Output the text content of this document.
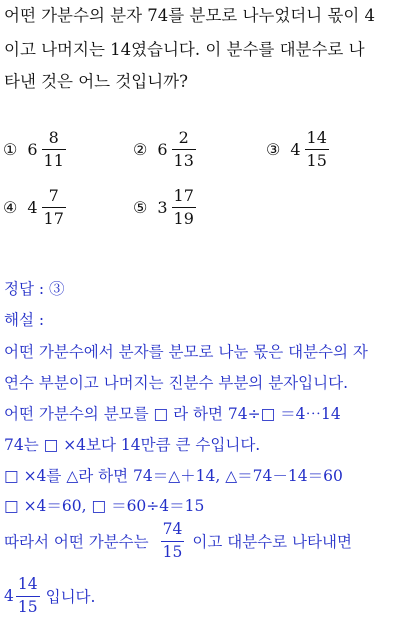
어떤 가분수의 분자 74를 분모로 나누었더니 몫이 4
이고 나머지는 14였습니다. 이 분수를 대분수로 나
타낸 것은 어느 것입니까?
① $6 \frac{8}{11}$	② $6 \frac{2}{13}$	③ $4 \frac{14}{15}$
④ $4 \frac{7}{17}$	⑤ $3 \frac{17}{19}$
정답 : ③
해설 :
어떤 가분수에서 분자를 분모로 나눈 몫은 대분수의 자
연수 부분이고 나머지는 진분수 부분의 분자입니다.
어떤 가분수의 분모를 □ 라 하면 74÷□ ＝4⋯14
74는 □ ×4보다 14만큼 큰 수입니다.
□ ×4를 △라 하면 74＝△＋14, △＝74－14＝60
□ ×4＝60, □ ＝60÷4＝15
따라서 어떤 가분수는 $\frac{74}{15}$ 이고 대분수로 나타내면
$4 \frac{14}{15}$ 입니다.
